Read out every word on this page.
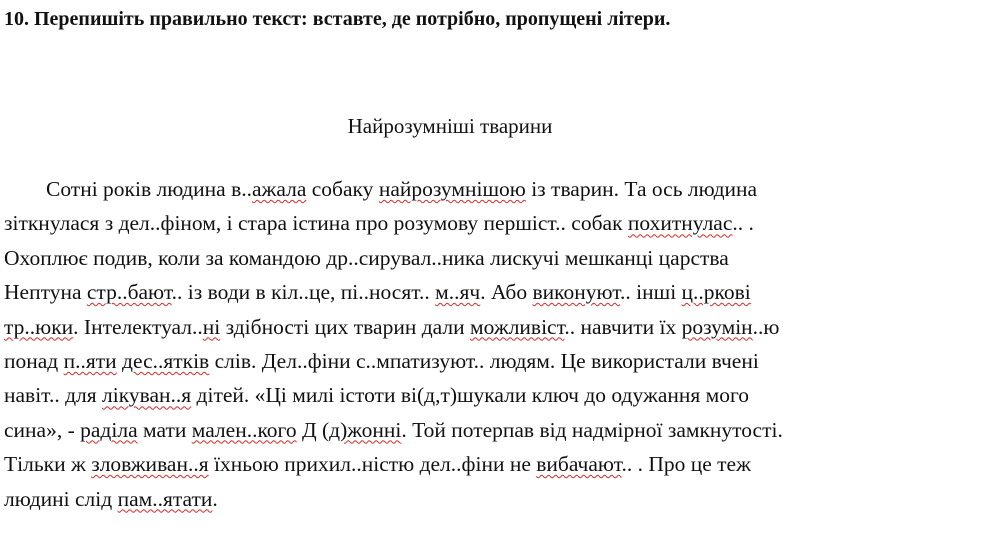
10. Перепишіть правильно текст: вставте, де потрібно, пропущені літери.
Найрозумніші тварини
Сотні років людина в..ажала собаку найрозумнішою із тварин. Та ось людина
зіткнулася з дел..фіном, і стара істина про розумову першіст.. собак похитнулас.. .
Охоплює подив, коли за командою др..сирувал..ника лискучі мешканці царства
Нептуна стр..бают.. із води в кіл..це, пі..носят.. м..яч. Або виконуют.. інші ц..ркові
тр..юки. Інтелектуал..ні здібності цих тварин дали можливіст.. навчити їх розумін..ю
понад п..яти дес..ятків слів. Дел..фіни с..мпатизуют.. людям. Це використали вчені
навіт.. для лікуван..я дітей. «Ці милі істоти ві(д,т)шукали ключ до одужання мого
сина», - раділа мати мален..кого Д (д)жонні. Той потерпав від надмірної замкнутості.
Тільки ж зловживан..я їхньою прихил..ністю дел..фіни не вибачают.. . Про це теж
людині слід пам..ятати.
